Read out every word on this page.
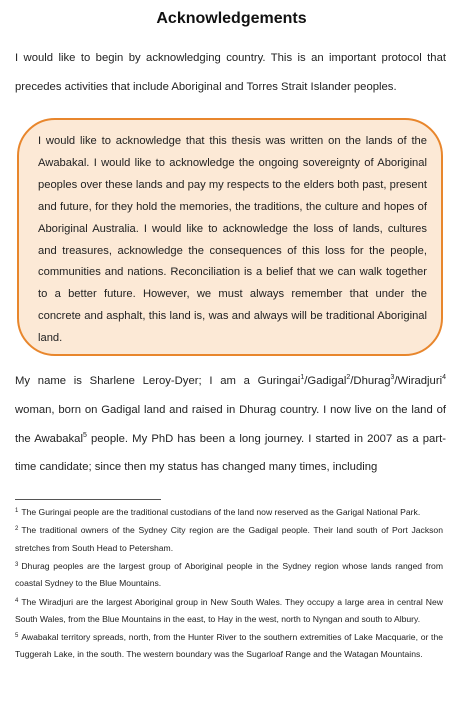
Acknowledgements
I would like to begin by acknowledging country. This is an important protocol that precedes activities that include Aboriginal and Torres Strait Islander peoples.
I would like to acknowledge that this thesis was written on the lands of the Awabakal. I would like to acknowledge the ongoing sovereignty of Aboriginal peoples over these lands and pay my respects to the elders both past, present and future, for they hold the memories, the traditions, the culture and hopes of Aboriginal Australia. I would like to acknowledge the loss of lands, cultures and treasures, acknowledge the consequences of this loss for the people, communities and nations. Reconciliation is a belief that we can walk together to a better future. However, we must always remember that under the concrete and asphalt, this land is, was and always will be traditional Aboriginal land.
My name is Sharlene Leroy-Dyer; I am a Guringai$^1$/Gadigal$^2$/Dhurag$^3$/Wiradjuri$^4$ woman, born on Gadigal land and raised in Dhurag country. I now live on the land of the Awabakal$^5$ people. My PhD has been a long journey. I started in 2007 as a part-time candidate; since then my status has changed many times, including
$^1$ The Guringai people are the traditional custodians of the land now reserved as the Garigal National Park.
$^2$ The traditional owners of the Sydney City region are the Gadigal people. Their land south of Port Jackson stretches from South Head to Petersham.
$^3$ Dhurag peoples are the largest group of Aboriginal people in the Sydney region whose lands ranged from coastal Sydney to the Blue Mountains.
$^4$ The Wiradjuri are the largest Aboriginal group in New South Wales. They occupy a large area in central New South Wales, from the Blue Mountains in the east, to Hay in the west, north to Nyngan and south to Albury.
$^5$ Awabakal territory spreads, north, from the Hunter River to the southern extremities of Lake Macquarie, or the Tuggerah Lake, in the south. The western boundary was the Sugarloaf Range and the Watagan Mountains.
